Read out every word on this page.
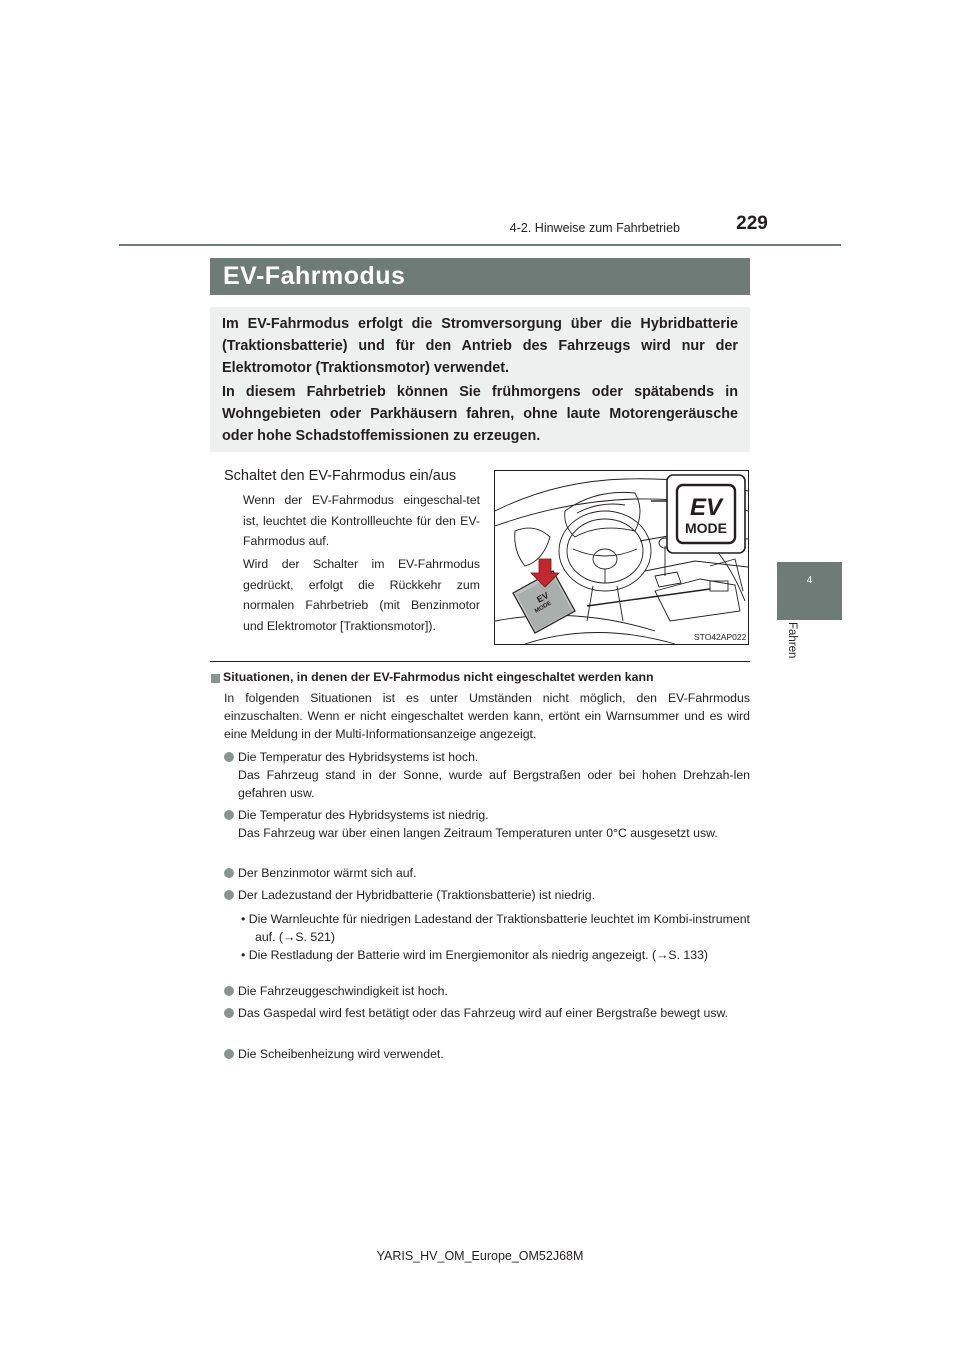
4-2. Hinweise zum Fahrbetrieb	229
4
Fahren
EV-Fahrmodus
Im EV-Fahrmodus erfolgt die Stromversorgung über die Hybridbatterie (Traktionsbatterie) und für den Antrieb des Fahrzeugs wird nur der Elektromotor (Traktionsmotor) verwendet.
In diesem Fahrbetrieb können Sie frühmorgens oder spätabends in Wohngebieten oder Parkhäusern fahren, ohne laute Motorengeräusche oder hohe Schadstoffemissionen zu erzeugen.
Schaltet den EV-Fahrmodus ein/aus
Wenn der EV-Fahrmodus eingeschal-tet ist, leuchtet die Kontrollleuchte für den EV-Fahrmodus auf.
Wird der Schalter im EV-Fahrmodus gedrückt, erfolgt die Rückkehr zum normalen Fahrbetrieb (mit Benzinmotor und Elektromotor [Traktionsmotor]).
EV
MODE
EV
MODE
STO42AP022
Situationen, in denen der EV-Fahrmodus nicht eingeschaltet werden kann
In folgenden Situationen ist es unter Umständen nicht möglich, den EV-Fahrmodus einzuschalten. Wenn er nicht eingeschaltet werden kann, ertönt ein Warnsummer und es wird eine Meldung in der Multi-Informationsanzeige angezeigt.
Die Temperatur des Hybridsystems ist hoch.
Das Fahrzeug stand in der Sonne, wurde auf Bergstraßen oder bei hohen Drehzah-len gefahren usw.
Die Temperatur des Hybridsystems ist niedrig.
Das Fahrzeug war über einen langen Zeitraum Temperaturen unter 0°C ausgesetzt usw.
Der Benzinmotor wärmt sich auf.
Der Ladezustand der Hybridbatterie (Traktionsbatterie) ist niedrig.
• Die Warnleuchte für niedrigen Ladestand der Traktionsbatterie leuchtet im Kombi-instrument auf. (→S. 521)
• Die Restladung der Batterie wird im Energiemonitor als niedrig angezeigt. (→S. 133)
Die Fahrzeuggeschwindigkeit ist hoch.
Das Gaspedal wird fest betätigt oder das Fahrzeug wird auf einer Bergstraße bewegt usw.
Die Scheibenheizung wird verwendet.
YARIS_HV_OM_Europe_OM52J68M
